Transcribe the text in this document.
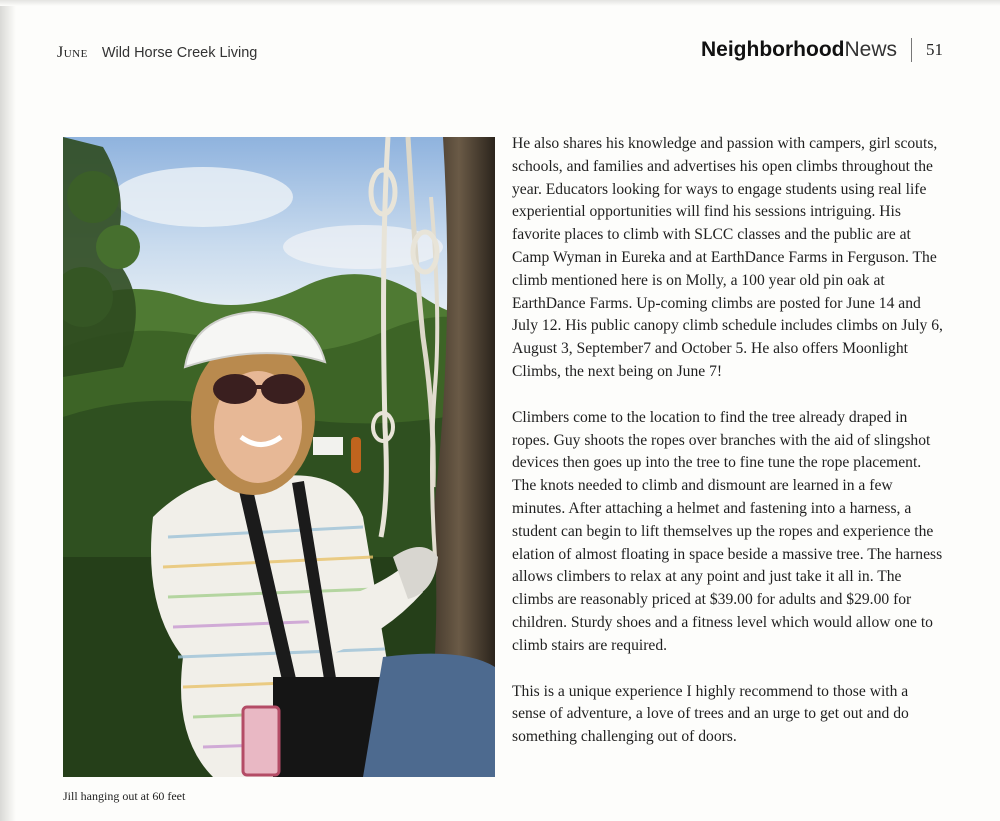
June Wild Horse Creek Living	NeighborhoodNews 51
Jill hanging out at 60 feet

He also shares his knowledge and passion with campers, girl scouts, schools, and families and advertises his open climbs throughout the year. Educators looking for ways to engage students using real life experiential opportunities will find his sessions intriguing. His favorite places to climb with SLCC classes and the public are at Camp Wyman in Eureka and at EarthDance Farms in Ferguson. The climb mentioned here is on Molly, a 100 year old pin oak at EarthDance Farms. Up-coming climbs are posted for June 14 and July 12. His public canopy climb schedule includes climbs on July 6, August 3, September7 and October 5. He also offers Moonlight Climbs, the next being on June 7!

Climbers come to the location to find the tree already draped in ropes. Guy shoots the ropes over branches with the aid of slingshot devices then goes up into the tree to fine tune the rope placement. The knots needed to climb and dismount are learned in a few minutes. After attaching a helmet and fastening into a harness, a student can begin to lift themselves up the ropes and experience the elation of almost floating in space beside a massive tree. The harness allows climbers to relax at any point and just take it all in. The climbs are reasonably priced at $39.00 for adults and $29.00 for children. Sturdy shoes and a fitness level which would allow one to climb stairs are required.

This is a unique experience I highly recommend to those with a sense of adventure, a love of trees and an urge to get out and do something challenging out of doors.
